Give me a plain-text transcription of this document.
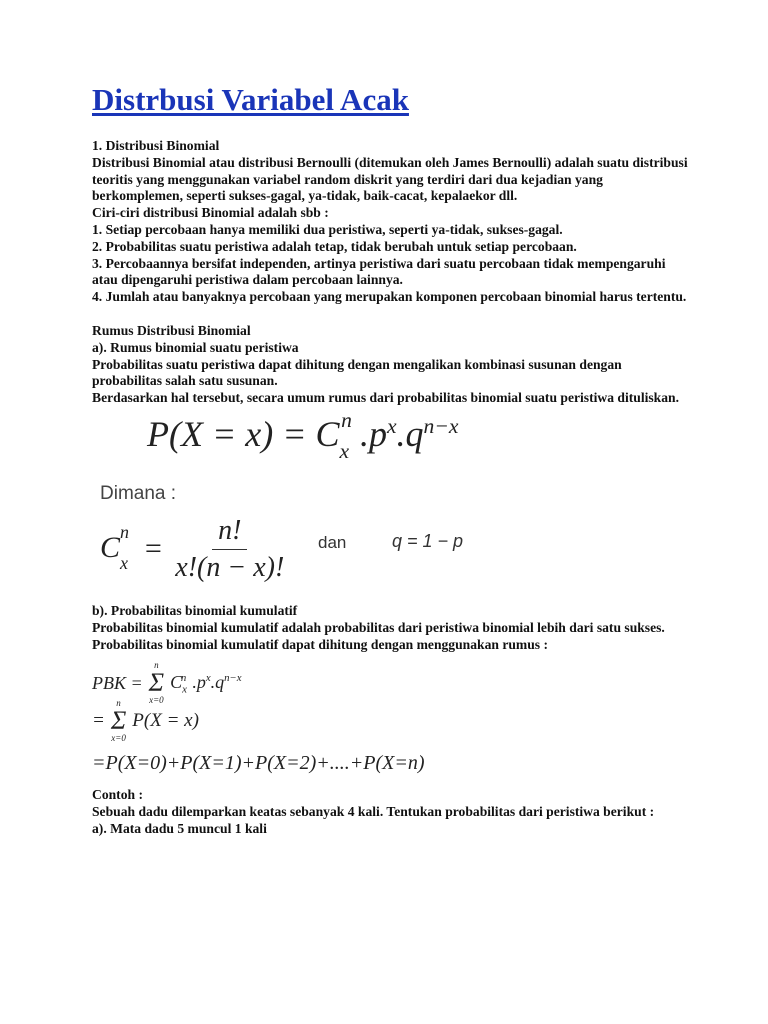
Distrbusi Variabel Acak

1. Distribusi Binomial

Distribusi Binomial atau distribusi Bernoulli (ditemukan oleh James Bernoulli) adalah suatu distribusi teoritis yang menggunakan variabel random diskrit yang terdiri dari dua kejadian yang berkomplemen, seperti sukses-gagal, ya-tidak, baik-cacat, kepalaekor dll.

Ciri-ciri distribusi Binomial adalah sbb :

1. Setiap percobaan hanya memiliki dua peristiwa, seperti ya-tidak, sukses-gagal.

2. Probabilitas suatu peristiwa adalah tetap, tidak berubah untuk setiap percobaan.

3. Percobaannya bersifat independen, artinya peristiwa dari suatu percobaan tidak mempengaruhi atau dipengaruhi peristiwa dalam percobaan lainnya.

4. Jumlah atau banyaknya percobaan yang merupakan komponen percobaan binomial harus tertentu.

Rumus Distribusi Binomial

a). Rumus binomial suatu peristiwa

Probabilitas suatu peristiwa dapat dihitung dengan mengalikan kombinasi susunan dengan probabilitas salah satu susunan.

Berdasarkan hal tersebut, secara umum rumus dari probabilitas binomial suatu peristiwa dituliskan.

$P(X = x) = C_x^n$ $.p^x.q^{n-x}$
Dimana :
$C_x^n$
= $\frac{n!}{x!(n - x)!}$ dan	q = 1 − p

b). Probabilitas binomial kumulatif

Probabilitas binomial kumulatif adalah probabilitas dari peristiwa binomial lebih dari satu sukses.

Probabilitas binomial kumulatif dapat dihitung dengan menggunakan rumus :

PBK =
n
Σ
x=0
$C_x^n$ $.p^x.q^{n-x}$
=
n
Σ
x=0
P(X = x)
=P(X=0)+P(X=1)+P(X=2)+....+P(X=n)

Contoh :

Sebuah dadu dilemparkan keatas sebanyak 4 kali. Tentukan probabilitas dari peristiwa berikut :

a). Mata dadu 5 muncul 1 kali
